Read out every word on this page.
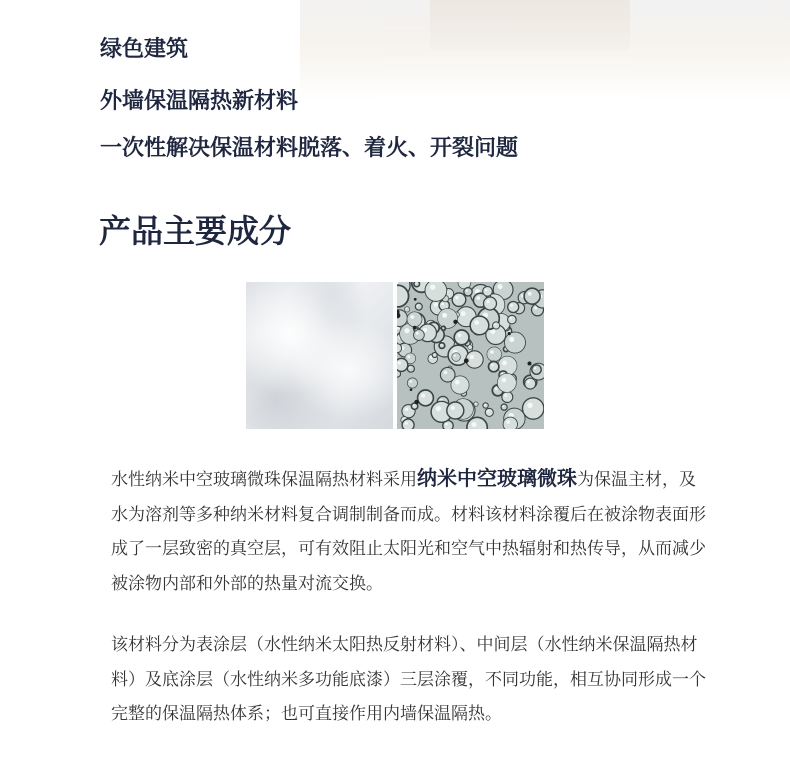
绿色建筑

外墙保温隔热新材料

一次性解决保温材料脱落、着火、开裂问题

产品主要成分

水性纳米中空玻璃微珠保温隔热材料采用纳米中空玻璃微珠为保温主材，及水为溶剂等多种纳米材料复合调制制备而成。材料该材料涂覆后在被涂物表面形成了一层致密的真空层，可有效阻止太阳光和空气中热辐射和热传导，从而减少被涂物内部和外部的热量对流交换。

该材料分为表涂层（水性纳米太阳热反射材料）、中间层（水性纳米保温隔热材料）及底涂层（水性纳米多功能底漆）三层涂覆，不同功能，相互协同形成一个完整的保温隔热体系；也可直接作用内墙保温隔热。
